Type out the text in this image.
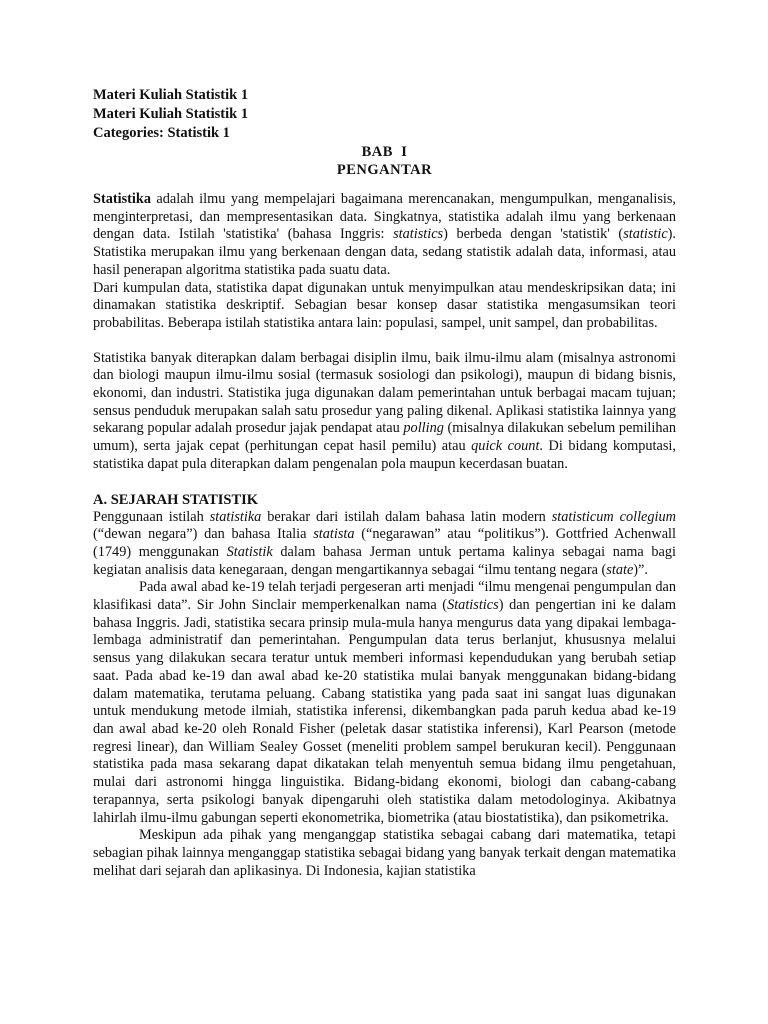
Materi Kuliah Statistik 1
Materi Kuliah Statistik 1
Categories: Statistik 1
BAB  I
PENGANTAR

Statistika adalah ilmu yang mempelajari bagaimana merencanakan, mengumpulkan, menganalisis, menginterpretasi, dan mempresentasikan data. Singkatnya, statistika adalah ilmu yang berkenaan dengan data. Istilah 'statistika' (bahasa Inggris: statistics) berbeda dengan 'statistik' (statistic). Statistika merupakan ilmu yang berkenaan dengan data, sedang statistik adalah data, informasi, atau hasil penerapan algoritma statistika pada suatu data.

Dari kumpulan data, statistika dapat digunakan untuk menyimpulkan atau mendeskripsikan data; ini dinamakan statistika deskriptif. Sebagian besar konsep dasar statistika mengasumsikan teori probabilitas. Beberapa istilah statistika antara lain: populasi, sampel, unit sampel, dan probabilitas.

Statistika banyak diterapkan dalam berbagai disiplin ilmu, baik ilmu-ilmu alam (misalnya astronomi dan biologi maupun ilmu-ilmu sosial (termasuk sosiologi dan psikologi), maupun di bidang bisnis, ekonomi, dan industri. Statistika juga digunakan dalam pemerintahan untuk berbagai macam tujuan; sensus penduduk merupakan salah satu prosedur yang paling dikenal. Aplikasi statistika lainnya yang sekarang popular adalah prosedur jajak pendapat atau polling (misalnya dilakukan sebelum pemilihan umum), serta jajak cepat (perhitungan cepat hasil pemilu) atau quick count. Di bidang komputasi, statistika dapat pula diterapkan dalam pengenalan pola maupun kecerdasan buatan.

A. SEJARAH STATISTIK

Penggunaan istilah statistika berakar dari istilah dalam bahasa latin modern statisticum collegium (“dewan negara”) dan bahasa Italia statista (“negarawan” atau “politikus”). Gottfried Achenwall (1749) menggunakan Statistik dalam bahasa Jerman untuk pertama kalinya sebagai nama bagi kegiatan analisis data kenegaraan, dengan mengartikannya sebagai “ilmu tentang negara (state)”.

Pada awal abad ke-19 telah terjadi pergeseran arti menjadi “ilmu mengenai pengumpulan dan klasifikasi data”. Sir John Sinclair memperkenalkan nama (Statistics) dan pengertian ini ke dalam bahasa Inggris. Jadi, statistika secara prinsip mula-mula hanya mengurus data yang dipakai lembaga-lembaga administratif dan pemerintahan. Pengumpulan data terus berlanjut, khususnya melalui sensus yang dilakukan secara teratur untuk memberi informasi kependudukan yang berubah setiap saat. Pada abad ke-19 dan awal abad ke-20 statistika mulai banyak menggunakan bidang-bidang dalam matematika, terutama peluang. Cabang statistika yang pada saat ini sangat luas digunakan untuk mendukung metode ilmiah, statistika inferensi, dikembangkan pada paruh kedua abad ke-19 dan awal abad ke-20 oleh Ronald Fisher (peletak dasar statistika inferensi), Karl Pearson (metode regresi linear), dan William Sealey Gosset (meneliti problem sampel berukuran kecil). Penggunaan statistika pada masa sekarang dapat dikatakan telah menyentuh semua bidang ilmu pengetahuan, mulai dari astronomi hingga linguistika. Bidang-bidang ekonomi, biologi dan cabang-cabang terapannya, serta psikologi banyak dipengaruhi oleh statistika dalam metodologinya. Akibatnya lahirlah ilmu-ilmu gabungan seperti ekonometrika, biometrika (atau biostatistika), dan psikometrika.

Meskipun ada pihak yang menganggap statistika sebagai cabang dari matematika, tetapi sebagian pihak lainnya menganggap statistika sebagai bidang yang banyak terkait dengan matematika melihat dari sejarah dan aplikasinya. Di Indonesia, kajian statistika
